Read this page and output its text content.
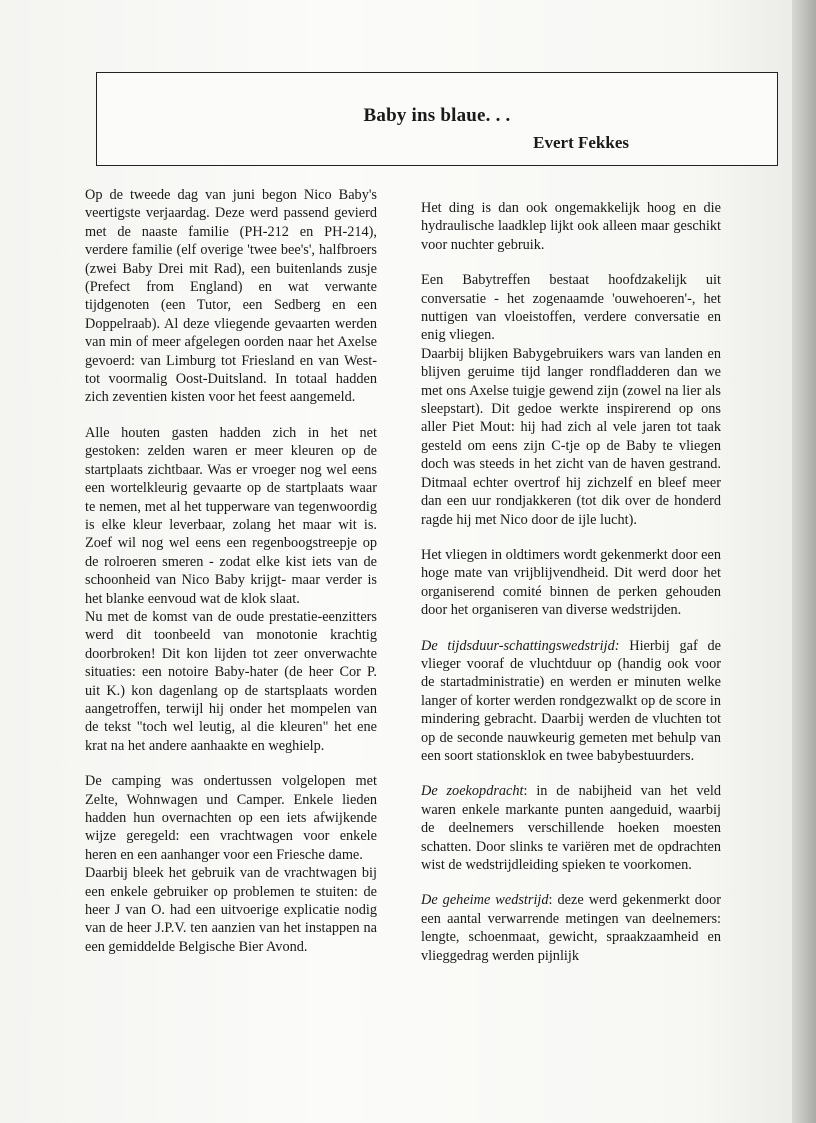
Baby ins blaue. . .
Evert Fekkes

Op de tweede dag van juni begon Nico Baby's veertigste verjaardag. Deze werd passend gevierd met de naaste familie (PH-212 en PH-214), verdere familie (elf overige 'twee bee's', halfbroers (zwei Baby Drei mit Rad), een buitenlands zusje (Prefect from England) en wat verwante tijdgenoten (een Tutor, een Sedberg en een Doppelraab). Al deze vliegende gevaarten werden van min of meer afgelegen oorden naar het Axelse gevoerd: van Limburg tot Friesland en van West- tot voormalig Oost-Duitsland. In totaal hadden zich zeventien kisten voor het feest aangemeld.

Alle houten gasten hadden zich in het net gestoken: zelden waren er meer kleuren op de startplaats zichtbaar. Was er vroeger nog wel eens een wortelkleurig gevaarte op de startplaats waar te nemen, met al het tupperware van tegenwoordig is elke kleur leverbaar, zolang het maar wit is. Zoef wil nog wel eens een regenboogstreepje op de rolroeren smeren - zodat elke kist iets van de schoonheid van Nico Baby krijgt- maar verder is het blanke eenvoud wat de klok slaat.

Nu met de komst van de oude prestatie-eenzitters werd dit toonbeeld van monotonie krachtig doorbroken! Dit kon lijden tot zeer onverwachte situaties: een notoire Baby-hater (de heer Cor P. uit K.) kon dagenlang op de startsplaats worden aangetroffen, terwijl hij onder het mompelen van de tekst "toch wel leutig, al die kleuren" het ene krat na het andere aanhaakte en weghielp.

De camping was ondertussen volgelopen met Zelte, Wohnwagen und Camper. Enkele lieden hadden hun overnachten op een iets afwijkende wijze geregeld: een vrachtwagen voor enkele heren en een aanhanger voor een Friesche dame.

Daarbij bleek het gebruik van de vrachtwagen bij een enkele gebruiker op problemen te stuiten: de heer J van O. had een uitvoerige explicatie nodig van de heer J.P.V. ten aanzien van het instappen na een gemiddelde Belgische Bier Avond.

Het ding is dan ook ongemakkelijk hoog en die hydraulische laadklep lijkt ook alleen maar geschikt voor nuchter gebruik.

Een Babytreffen bestaat hoofdzakelijk uit conversatie - het zogenaamde 'ouwehoeren'-, het nuttigen van vloeistoffen, verdere conversatie en enig vliegen.

Daarbij blijken Babygebruikers wars van landen en blijven geruime tijd langer rondfladderen dan we met ons Axelse tuigje gewend zijn (zowel na lier als sleepstart). Dit gedoe werkte inspirerend op ons aller Piet Mout: hij had zich al vele jaren tot taak gesteld om eens zijn C-tje op de Baby te vliegen doch was steeds in het zicht van de haven gestrand. Ditmaal echter overtrof hij zichzelf en bleef meer dan een uur rondjakkeren (tot dik over de honderd ragde hij met Nico door de ijle lucht).

Het vliegen in oldtimers wordt gekenmerkt door een hoge mate van vrijblijvendheid. Dit werd door het organiserend comité binnen de perken gehouden door het organiseren van diverse wedstrijden.

De tijdsduur-schattingswedstrijd: Hierbij gaf de vlieger vooraf de vluchtduur op (handig ook voor de startadministratie) en werden er minuten welke langer of korter werden rondgezwalkt op de score in mindering gebracht. Daarbij werden de vluchten tot op de seconde nauwkeurig gemeten met behulp van een soort stationsklok en twee babybestuurders.

De zoekopdracht: in de nabijheid van het veld waren enkele markante punten aangeduid, waarbij de deelnemers verschillende hoeken moesten schatten. Door slinks te variëren met de opdrachten wist de wedstrijdleiding spieken te voorkomen.

De geheime wedstrijd: deze werd gekenmerkt door een aantal verwarrende metingen van deelnemers: lengte, schoenmaat, gewicht, spraakzaamheid en vlieggedrag werden pijnlijk
